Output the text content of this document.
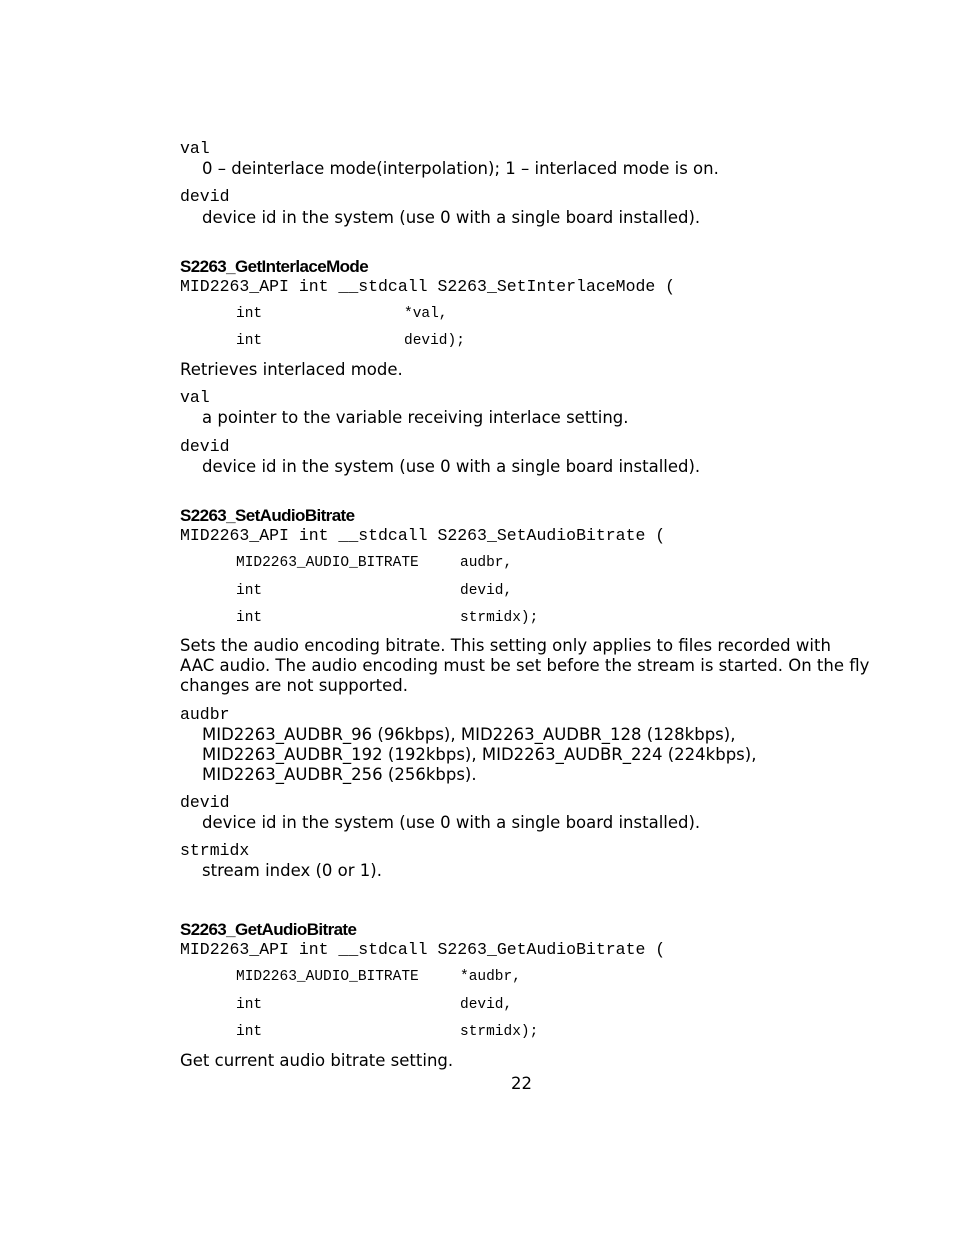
val
0 – deinterlace mode(interpolation); 1 – interlaced mode is on.
devid
device id in the system (use 0 with a single board installed).
S2263_GetInterlaceMode
MID2263_API int __stdcall S2263_SetInterlaceMode (
int	*val,
int	devid);
Retrieves interlaced mode.
val
a pointer to the variable receiving interlace setting.
devid
device id in the system (use 0 with a single board installed).
S2263_SetAudioBitrate
MID2263_API int __stdcall S2263_SetAudioBitrate (
MID2263_AUDIO_BITRATE	audbr,
int	devid,
int	strmidx);
Sets the audio encoding bitrate. This setting only applies to files recorded with AAC audio. The audio encoding must be set before the stream is started. On the fly changes are not supported.
audbr
MID2263_AUDBR_96 (96kbps), MID2263_AUDBR_128 (128kbps),
MID2263_AUDBR_192 (192kbps), MID2263_AUDBR_224 (224kbps),
MID2263_AUDBR_256 (256kbps).
devid
device id in the system (use 0 with a single board installed).
strmidx
stream index (0 or 1).
S2263_GetAudioBitrate
MID2263_API int __stdcall S2263_GetAudioBitrate (
MID2263_AUDIO_BITRATE	*audbr,
int	devid,
int	strmidx);
Get current audio bitrate setting.
22
